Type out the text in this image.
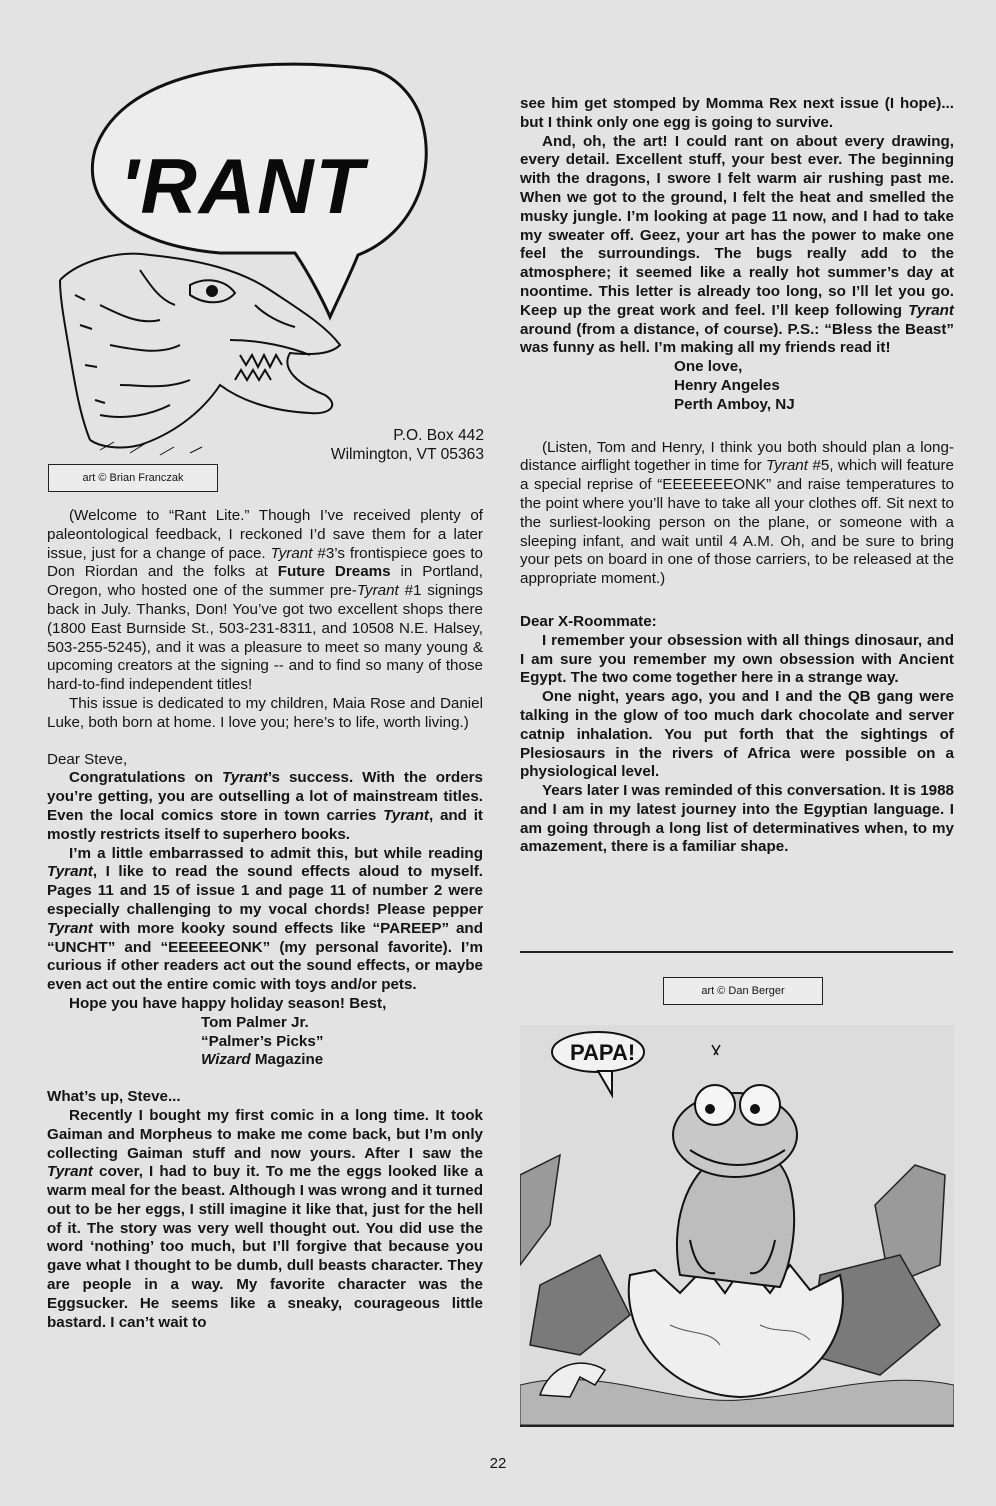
'RANT
P.O. Box 442
Wilmington, VT 05363
art © Brian Franczak

(Welcome to “Rant Lite.” Though I’ve received plenty of paleontological feedback, I reckoned I’d save them for a later issue, just for a change of pace. Tyrant #3’s frontispiece goes to Don Riordan and the folks at Future Dreams in Portland, Oregon, who hosted one of the summer pre-Tyrant #1 signings back in July. Thanks, Don! You’ve got two excellent shops there (1800 East Burnside St., 503-231-8311, and 10508 N.E. Halsey, 503-255-5245), and it was a pleasure to meet so many young & upcoming creators at the signing -- and to find so many of those hard-to-find independent titles!

This issue is dedicated to my children, Maia Rose and Daniel Luke, both born at home. I love you; here’s to life, worth living.)

Dear Steve,

Congratulations on Tyrant’s success. With the orders you’re getting, you are outselling a lot of mainstream titles. Even the local comics store in town carries Tyrant, and it mostly restricts itself to superhero books.

I’m a little embarrassed to admit this, but while reading Tyrant, I like to read the sound effects aloud to myself. Pages 11 and 15 of issue 1 and page 11 of number 2 were especially challenging to my vocal chords! Please pepper Tyrant with more kooky sound effects like “PAREEP” and “UNCHT” and “EEEEEEONK” (my personal favorite). I’m curious if other readers act out the sound effects, or maybe even act out the entire comic with toys and/or pets.

Hope you have happy holiday season! Best,

Tom Palmer Jr.

“Palmer’s Picks”

Wizard Magazine

What’s up, Steve...

Recently I bought my first comic in a long time. It took Gaiman and Morpheus to make me come back, but I’m only collecting Gaiman stuff and now yours. After I saw the Tyrant cover, I had to buy it. To me the eggs looked like a warm meal for the beast. Although I was wrong and it turned out to be her eggs, I still imagine it like that, just for the hell of it. The story was very well thought out. You did use the word ‘nothing’ too much, but I’ll forgive that because you gave what I thought to be dumb, dull beasts character. They are people in a way. My favorite character was the Eggsucker. He seems like a sneaky, courageous little bastard. I can’t wait to

see him get stomped by Momma Rex next issue (I hope)... but I think only one egg is going to survive.

And, oh, the art! I could rant on about every drawing, every detail. Excellent stuff, your best ever. The beginning with the dragons, I swore I felt warm air rushing past me. When we got to the ground, I felt the heat and smelled the musky jungle. I’m looking at page 11 now, and I had to take my sweater off. Geez, your art has the power to make one feel the surroundings. The bugs really add to the atmosphere; it seemed like a really hot summer’s day at noontime. This letter is already too long, so I’ll let you go. Keep up the great work and feel. I’ll keep following Tyrant around (from a distance, of course). P.S.: “Bless the Beast” was funny as hell. I’m making all my friends read it!

One love,

Henry Angeles

Perth Amboy, NJ

(Listen, Tom and Henry, I think you both should plan a long-distance airflight together in time for Tyrant #5, which will feature a special reprise of “EEEEEEEONK” and raise temperatures to the point where you’ll have to take all your clothes off. Sit next to the surliest-looking person on the plane, or someone with a sleeping infant, and wait until 4 A.M. Oh, and be sure to bring your pets on board in one of those carriers, to be released at the appropriate moment.)

Dear X-Roommate:

I remember your obsession with all things dinosaur, and I am sure you remember my own obsession with Ancient Egypt. The two come together here in a strange way.

One night, years ago, you and I and the QB gang were talking in the glow of too much dark chocolate and server catnip inhalation. You put forth that the sightings of Plesiosaurs in the rivers of Africa were possible on a physiological level.

Years later I was reminded of this conversation. It is 1988 and I am in my latest journey into the Egyptian language. I am going through a long list of determinatives when, to my amazement, there is a familiar shape.

art © Dan Berger
PAPA!
22
